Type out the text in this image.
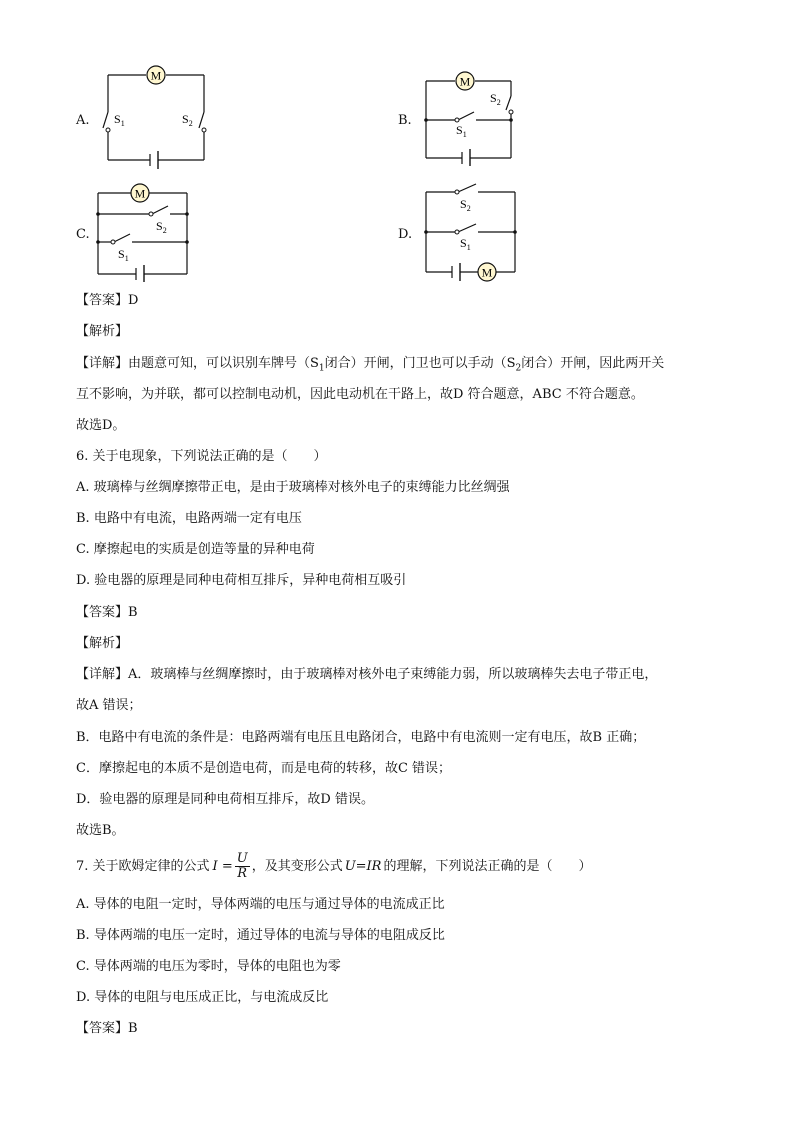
A.
M
$S_1$	$S_2$	B.
M
$S_2$
$S_1$
C.
M
$S_2$
$S_1$
D.
M
$S_2$
$S_1$
【答案】D
【解析】
【详解】由题意可知，可以识别车牌号（$S_1$闭合）开闸，门卫也可以手动（$S_2$闭合）开闸，因此两开关
互不影响，为并联，都可以控制电动机，因此电动机在干路上，故D 符合题意，ABC 不符合题意。
故选D。
6. 关于电现象，下列说法正确的是（　　）
A. 玻璃棒与丝绸摩擦带正电，是由于玻璃棒对核外电子的束缚能力比丝绸强
B. 电路中有电流，电路两端一定有电压
C. 摩擦起电的实质是创造等量的异种电荷
D. 验电器的原理是同种电荷相互排斥，异种电荷相互吸引
【答案】B
【解析】
【详解】A．玻璃棒与丝绸摩擦时，由于玻璃棒对核外电子束缚能力弱，所以玻璃棒失去电子带正电，
故A 错误；
B．电路中有电流的条件是：电路两端有电压且电路闭合，电路中有电流则一定有电压，故B 正确；
C．摩擦起电的本质不是创造电荷，而是电荷的转移，故C 错误；
D．验电器的原理是同种电荷相互排斥，故D 错误。
故选B。
7. 关于欧姆定律的公式 $I = \frac{U}{R}$ ，及其变形公式 U=IR 的理解，下列说法正确的是（　　）
A. 导体的电阻一定时，导体两端的电压与通过导体的电流成正比
B. 导体两端的电压一定时，通过导体的电流与导体的电阻成反比
C. 导体两端的电压为零时，导体的电阻也为零
D. 导体的电阻与电压成正比，与电流成反比
【答案】B
